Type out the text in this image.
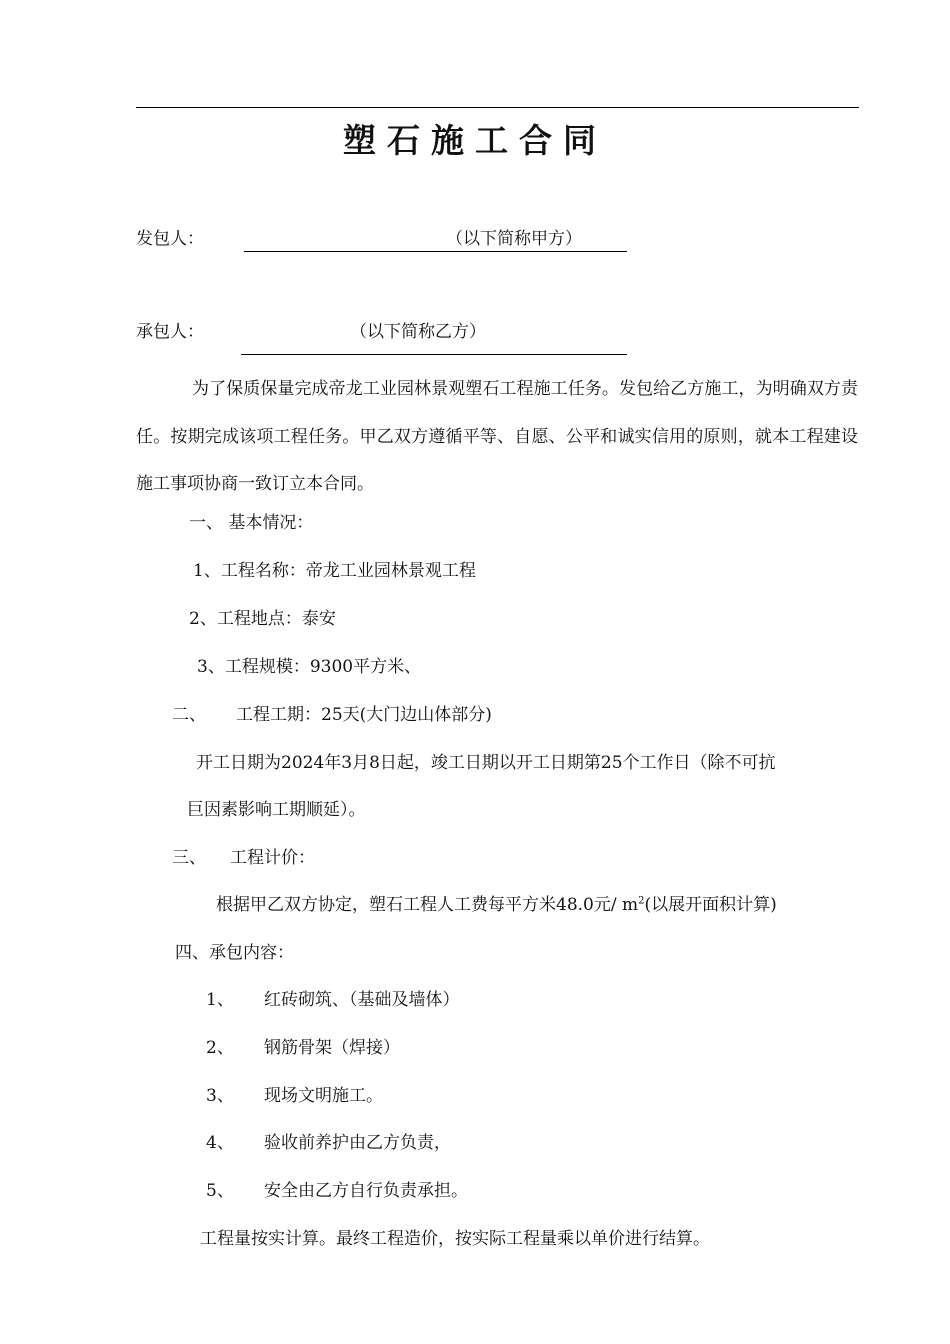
塑石施工合同
发包人：	（以下简称甲方）
承包人：	（以下简称乙方）
为了保质保量完成帝龙工业园林景观塑石工程施工任务。发包给乙方施工，为明确双方责任。按期完成该项工程任务。甲乙双方遵循平等、自愿、公平和诚实信用的原则，就本工程建设施工事项协商一致订立本合同。
一、 基本情况：
1、工程名称：帝龙工业园林景观工程
2、工程地点：泰安
3、工程规模：9300平方米、
二、 工程工期：25天(大门边山体部分)
开工日期为2024年3月8日起，竣工日期以开工日期第25个工作日（除不可抗
巨因素影响工期顺延）。
三、 工程计价：
根据甲乙双方协定，塑石工程人工费每平方米48.0元/ $m^2$(以展开面积计算)
四、承包内容：
1、 红砖砌筑、（基础及墙体）
2、 钢筋骨架（焊接）
3、 现场文明施工。
4、 验收前养护由乙方负责，
5、 安全由乙方自行负责承担。
工程量按实计算。最终工程造价，按实际工程量乘以单价进行结算。
